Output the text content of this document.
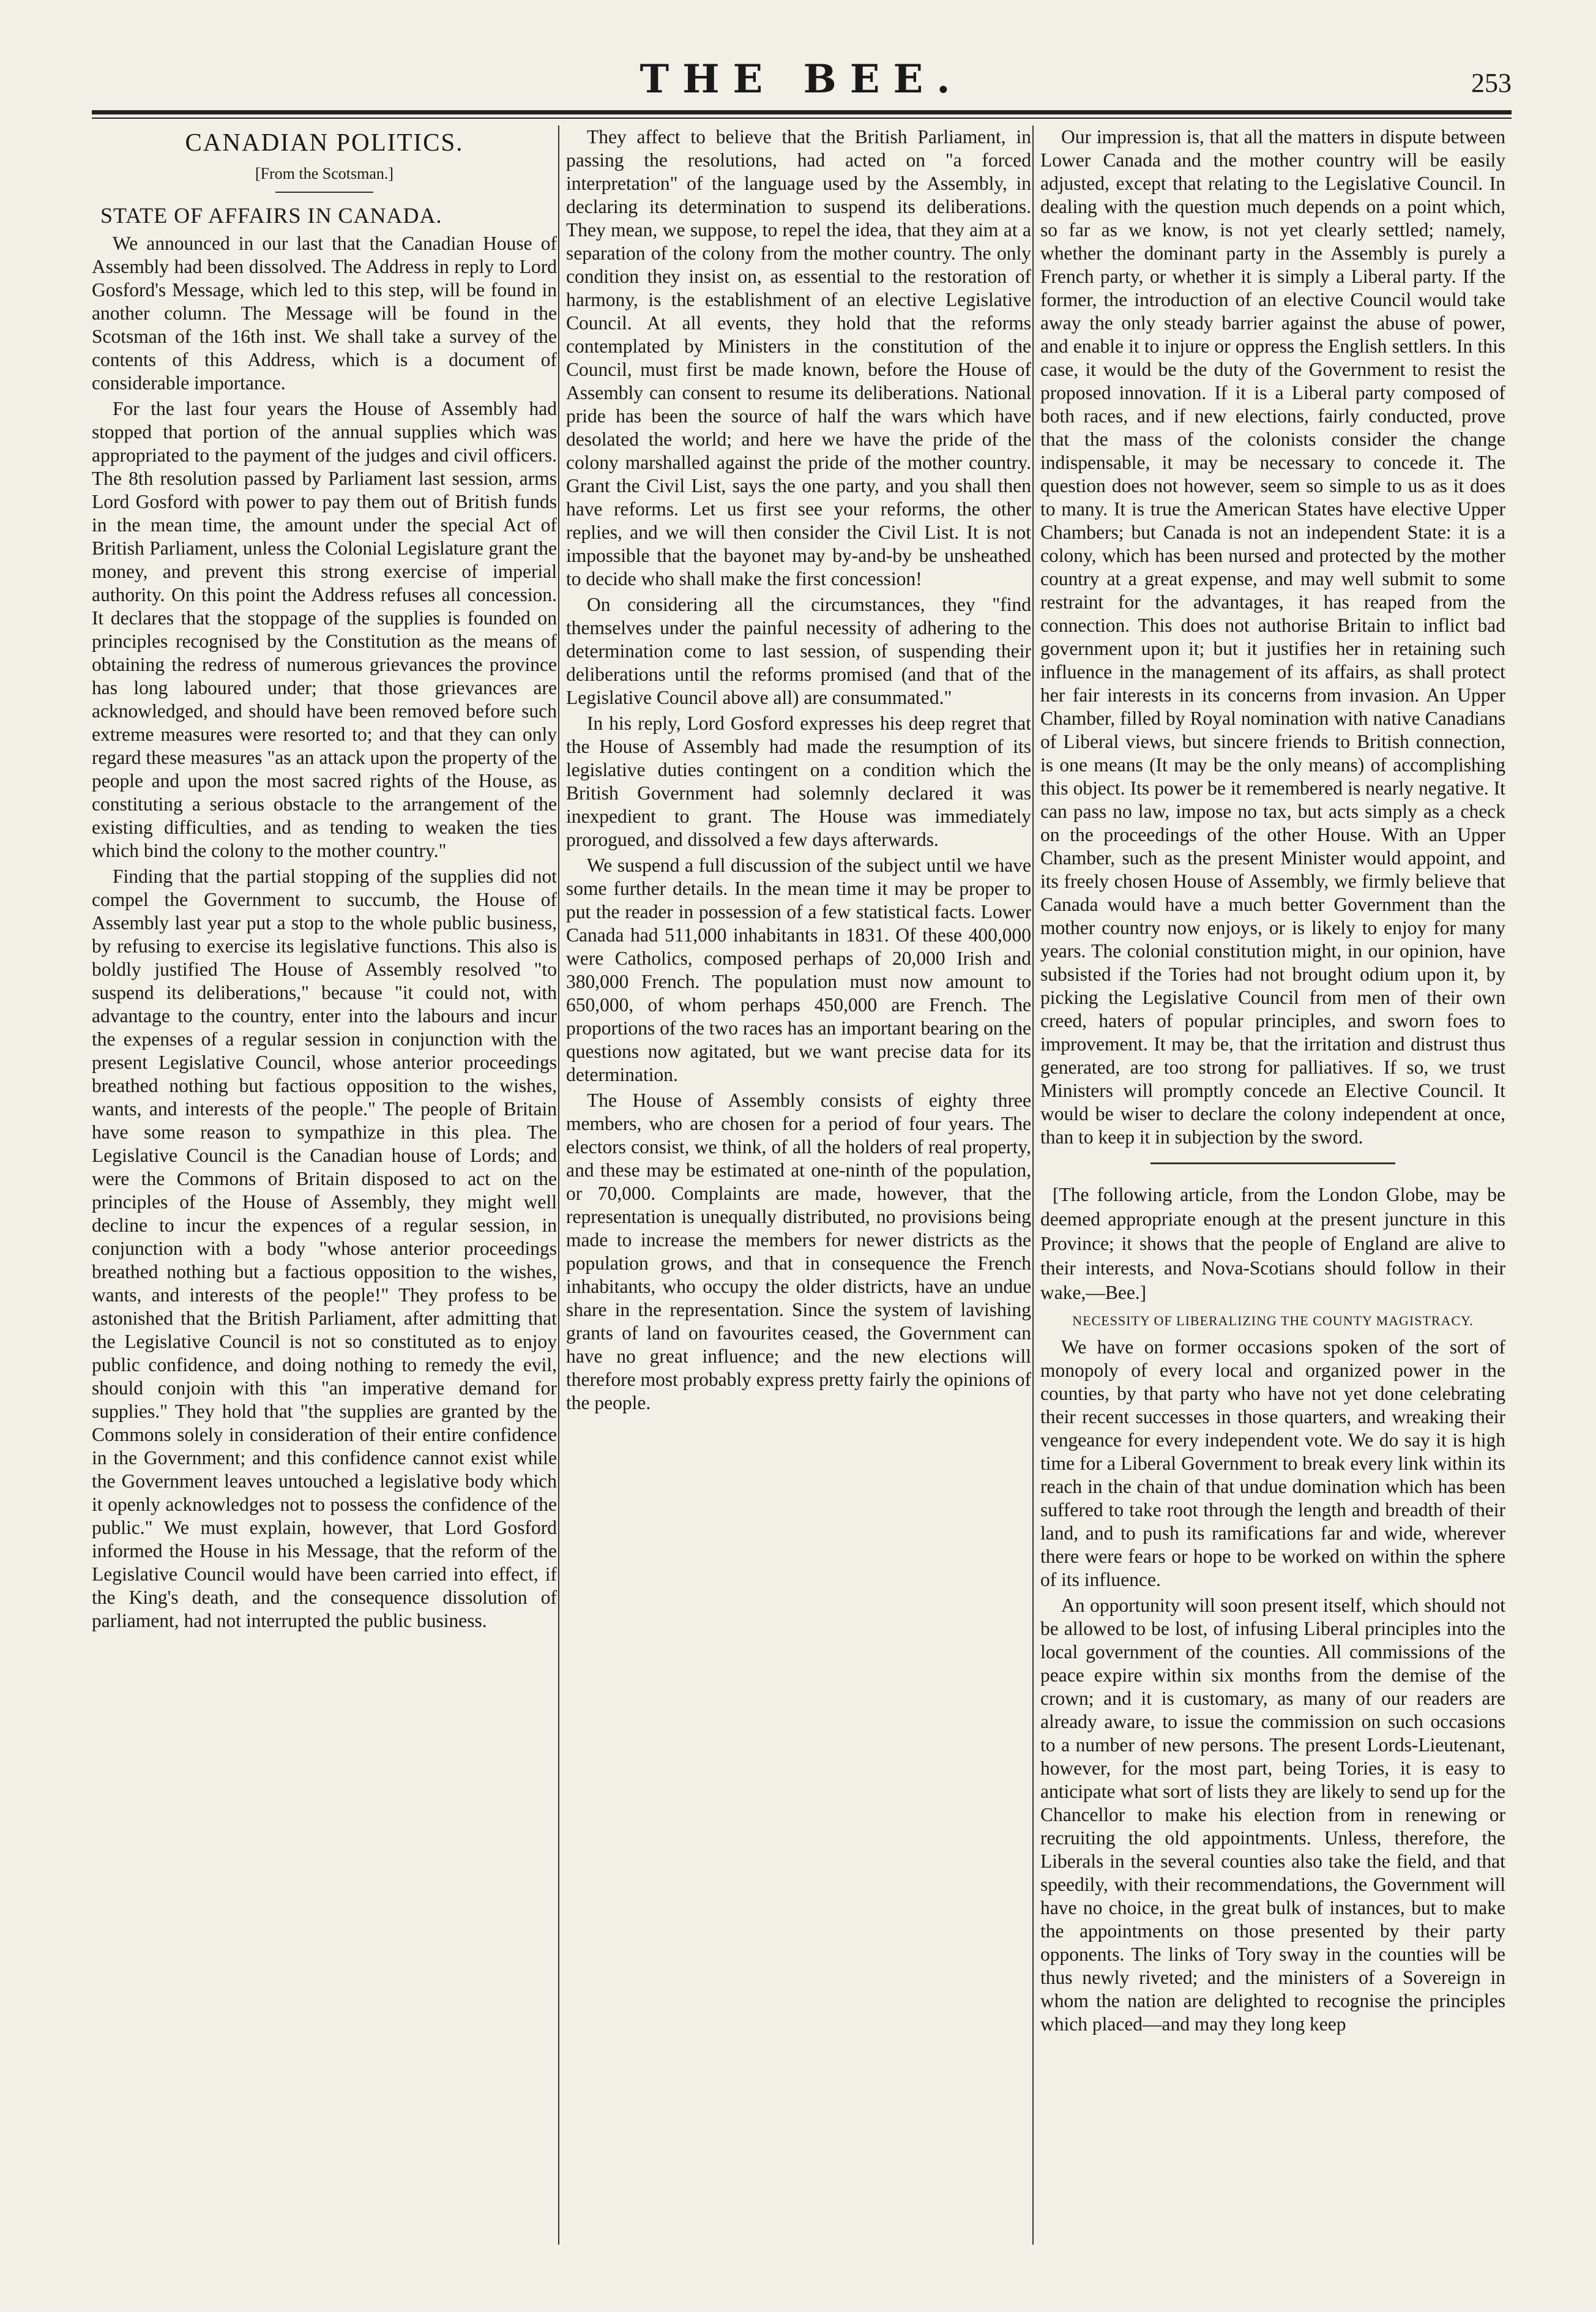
THE BEE.	253
CANADIAN POLITICS.
[From the Scotsman.]
STATE OF AFFAIRS IN CANADA.

We announced in our last that the Canadian House of Assembly had been dissolved. The Address in reply to Lord Gosford's Message, which led to this step, will be found in another column. The Message will be found in the Scotsman of the 16th inst. We shall take a survey of the contents of this Address, which is a document of considerable importance.

For the last four years the House of Assembly had stopped that portion of the annual supplies which was appropriated to the payment of the judges and civil officers. The 8th resolution passed by Parliament last session, arms Lord Gosford with power to pay them out of British funds in the mean time, the amount under the special Act of British Parliament, unless the Colonial Legislature grant the money, and prevent this strong exercise of imperial authority. On this point the Address refuses all concession. It declares that the stoppage of the supplies is founded on principles recognised by the Constitution as the means of obtaining the redress of numerous grievances the province has long laboured under; that those grievances are acknowledged, and should have been removed before such extreme measures were resorted to; and that they can only regard these measures "as an attack upon the property of the people and upon the most sacred rights of the House, as constituting a serious obstacle to the arrangement of the existing difficulties, and as tending to weaken the ties which bind the colony to the mother country."

Finding that the partial stopping of the supplies did not compel the Government to succumb, the House of Assembly last year put a stop to the whole public business, by refusing to exercise its legislative functions. This also is boldly justified The House of Assembly resolved "to suspend its deliberations," because "it could not, with advantage to the country, enter into the labours and incur the expenses of a regular session in conjunction with the present Legislative Council, whose anterior proceedings breathed nothing but factious opposition to the wishes, wants, and interests of the people." The people of Britain have some reason to sympathize in this plea. The Legislative Council is the Canadian house of Lords; and were the Commons of Britain disposed to act on the principles of the House of Assembly, they might well decline to incur the expences of a regular session, in conjunction with a body "whose anterior proceedings breathed nothing but a factious opposition to the wishes, wants, and interests of the people!" They profess to be astonished that the British Parliament, after admitting that the Legislative Council is not so constituted as to enjoy public confidence, and doing nothing to remedy the evil, should conjoin with this "an imperative demand for supplies." They hold that "the supplies are granted by the Commons solely in consideration of their entire confidence in the Government; and this confidence cannot exist while the Government leaves untouched a legislative body which it openly acknowledges not to possess the confidence of the public." We must explain, however, that Lord Gosford informed the House in his Message, that the reform of the Legislative Council would have been carried into effect, if the King's death, and the consequence dissolution of parliament, had not interrupted the public business.

They affect to believe that the British Parliament, in passing the resolutions, had acted on "a forced interpretation" of the language used by the Assembly, in declaring its determination to suspend its deliberations. They mean, we suppose, to repel the idea, that they aim at a separation of the colony from the mother country. The only condition they insist on, as essential to the restoration of harmony, is the establishment of an elective Legislative Council. At all events, they hold that the reforms contemplated by Ministers in the constitution of the Council, must first be made known, before the House of Assembly can consent to resume its deliberations. National pride has been the source of half the wars which have desolated the world; and here we have the pride of the colony marshalled against the pride of the mother country. Grant the Civil List, says the one party, and you shall then have reforms. Let us first see your reforms, the other replies, and we will then consider the Civil List. It is not impossible that the bayonet may by-and-by be unsheathed to decide who shall make the first concession!

On considering all the circumstances, they "find themselves under the painful necessity of adhering to the determination come to last session, of suspending their deliberations until the reforms promised (and that of the Legislative Council above all) are consummated."

In his reply, Lord Gosford expresses his deep regret that the House of Assembly had made the resumption of its legislative duties contingent on a condition which the British Government had solemnly declared it was inexpedient to grant. The House was immediately prorogued, and dissolved a few days afterwards.

We suspend a full discussion of the subject until we have some further details. In the mean time it may be proper to put the reader in possession of a few statistical facts. Lower Canada had 511,000 inhabitants in 1831. Of these 400,000 were Catholics, composed perhaps of 20,000 Irish and 380,000 French. The population must now amount to 650,000, of whom perhaps 450,000 are French. The proportions of the two races has an important bearing on the questions now agitated, but we want precise data for its determination.

The House of Assembly consists of eighty three members, who are chosen for a period of four years. The electors consist, we think, of all the holders of real property, and these may be estimated at one-ninth of the population, or 70,000. Complaints are made, however, that the representation is unequally distributed, no provisions being made to increase the members for newer districts as the population grows, and that in consequence the French inhabitants, who occupy the older districts, have an undue share in the representation. Since the system of lavishing grants of land on favourites ceased, the Government can have no great influence; and the new elections will therefore most probably express pretty fairly the opinions of the people.

Our impression is, that all the matters in dispute between Lower Canada and the mother country will be easily adjusted, except that relating to the Legislative Council. In dealing with the question much depends on a point which, so far as we know, is not yet clearly settled; namely, whether the dominant party in the Assembly is purely a French party, or whether it is simply a Liberal party. If the former, the introduction of an elective Council would take away the only steady barrier against the abuse of power, and enable it to injure or oppress the English settlers. In this case, it would be the duty of the Government to resist the proposed innovation. If it is a Liberal party composed of both races, and if new elections, fairly conducted, prove that the mass of the colonists consider the change indispensable, it may be necessary to concede it. The question does not however, seem so simple to us as it does to many. It is true the American States have elective Upper Chambers; but Canada is not an independent State: it is a colony, which has been nursed and protected by the mother country at a great expense, and may well submit to some restraint for the advantages, it has reaped from the connection. This does not authorise Britain to inflict bad government upon it; but it justifies her in retaining such influence in the management of its affairs, as shall protect her fair interests in its concerns from invasion. An Upper Chamber, filled by Royal nomination with native Canadians of Liberal views, but sincere friends to British connection, is one means (It may be the only means) of accomplishing this object. Its power be it remembered is nearly negative. It can pass no law, impose no tax, but acts simply as a check on the proceedings of the other House. With an Upper Chamber, such as the present Minister would appoint, and its freely chosen House of Assembly, we firmly believe that Canada would have a much better Government than the mother country now enjoys, or is likely to enjoy for many years. The colonial constitution might, in our opinion, have subsisted if the Tories had not brought odium upon it, by picking the Legislative Council from men of their own creed, haters of popular principles, and sworn foes to improvement. It may be, that the irritation and distrust thus generated, are too strong for palliatives. If so, we trust Ministers will promptly concede an Elective Council. It would be wiser to declare the colony independent at once, than to keep it in subjection by the sword.

[The following article, from the London Globe, may be deemed appropriate enough at the present juncture in this Province; it shows that the people of England are alive to their interests, and Nova-Scotians should follow in their wake,—Bee.]
NECESSITY OF LIBERALIZING THE COUNTY MAGISTRACY.

We have on former occasions spoken of the sort of monopoly of every local and organized power in the counties, by that party who have not yet done celebrating their recent successes in those quarters, and wreaking their vengeance for every independent vote. We do say it is high time for a Liberal Government to break every link within its reach in the chain of that undue domination which has been suffered to take root through the length and breadth of their land, and to push its ramifications far and wide, wherever there were fears or hope to be worked on within the sphere of its influence.

An opportunity will soon present itself, which should not be allowed to be lost, of infusing Liberal principles into the local government of the counties. All commissions of the peace expire within six months from the demise of the crown; and it is customary, as many of our readers are already aware, to issue the commission on such occasions to a number of new persons. The present Lords-Lieutenant, however, for the most part, being Tories, it is easy to anticipate what sort of lists they are likely to send up for the Chancellor to make his election from in renewing or recruiting the old appointments. Unless, therefore, the Liberals in the several counties also take the field, and that speedily, with their recommendations, the Government will have no choice, in the great bulk of instances, but to make the appointments on those presented by their party opponents. The links of Tory sway in the counties will be thus newly riveted; and the ministers of a Sovereign in whom the nation are delighted to recognise the principles which placed—and may they long keep
